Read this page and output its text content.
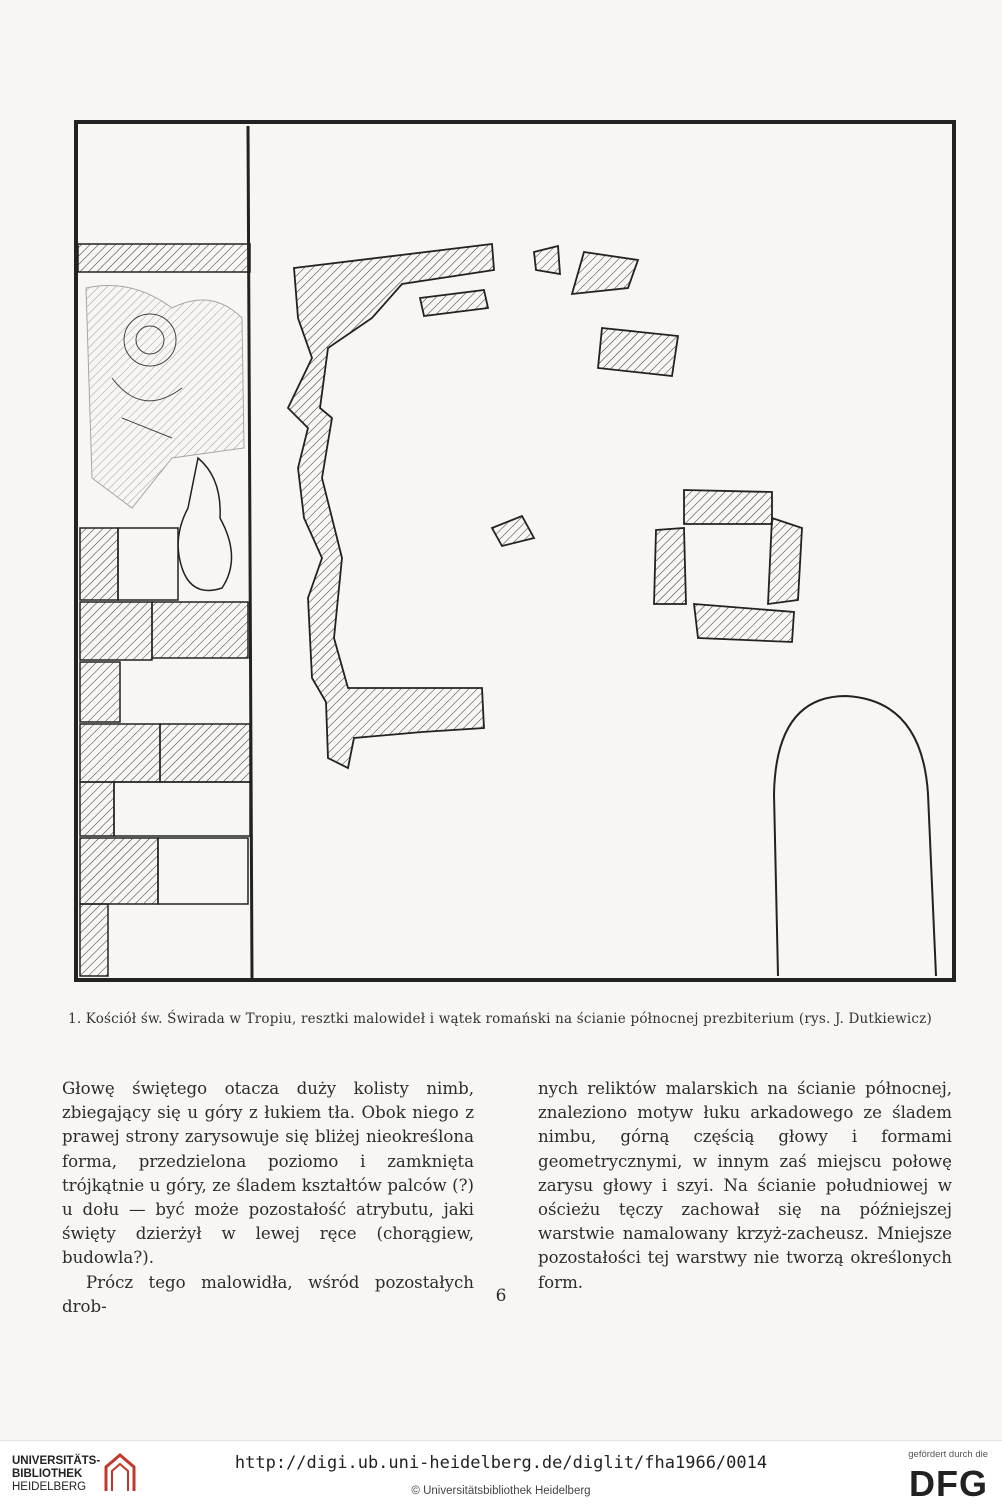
1. Kościół św. Świrada w Tropiu, resztki malowideł i wątek romański na ścianie północnej prezbiterium (rys. J. Dutkiewicz)

Głowę świętego otacza duży kolisty nimb, zbiegający się u góry z łukiem tła. Obok niego z prawej strony zarysowuje się bliżej nieokreślona forma, przedzielona poziomo i zamknięta trójkątnie u góry, ze śladem kształtów palców (?) u dołu — być może pozostałość atrybutu, jaki święty dzierżył w lewej ręce (chorągiew, budowla?).

Prócz tego malowidła, wśród pozostałych drob-

nych reliktów malarskich na ścianie północnej, znaleziono motyw łuku arkadowego ze śladem nimbu, górną częścią głowy i formami geometrycznymi, w innym zaś miejscu połowę zarysu głowy i szyi. Na ścianie południowej w ościeżu tęczy zachował się na późniejszej warstwie namalowany krzyż-zacheusz. Mniejsze pozostałości tej warstwy nie tworzą określonych form.

6
UNIVERSITÄTS-
BIBLIOTHEK
HEIDELBERG
http://digi.ub.uni-heidelberg.de/diglit/fha1966/0014
© Universitätsbibliothek Heidelberg
gefördert durch die
DFG
